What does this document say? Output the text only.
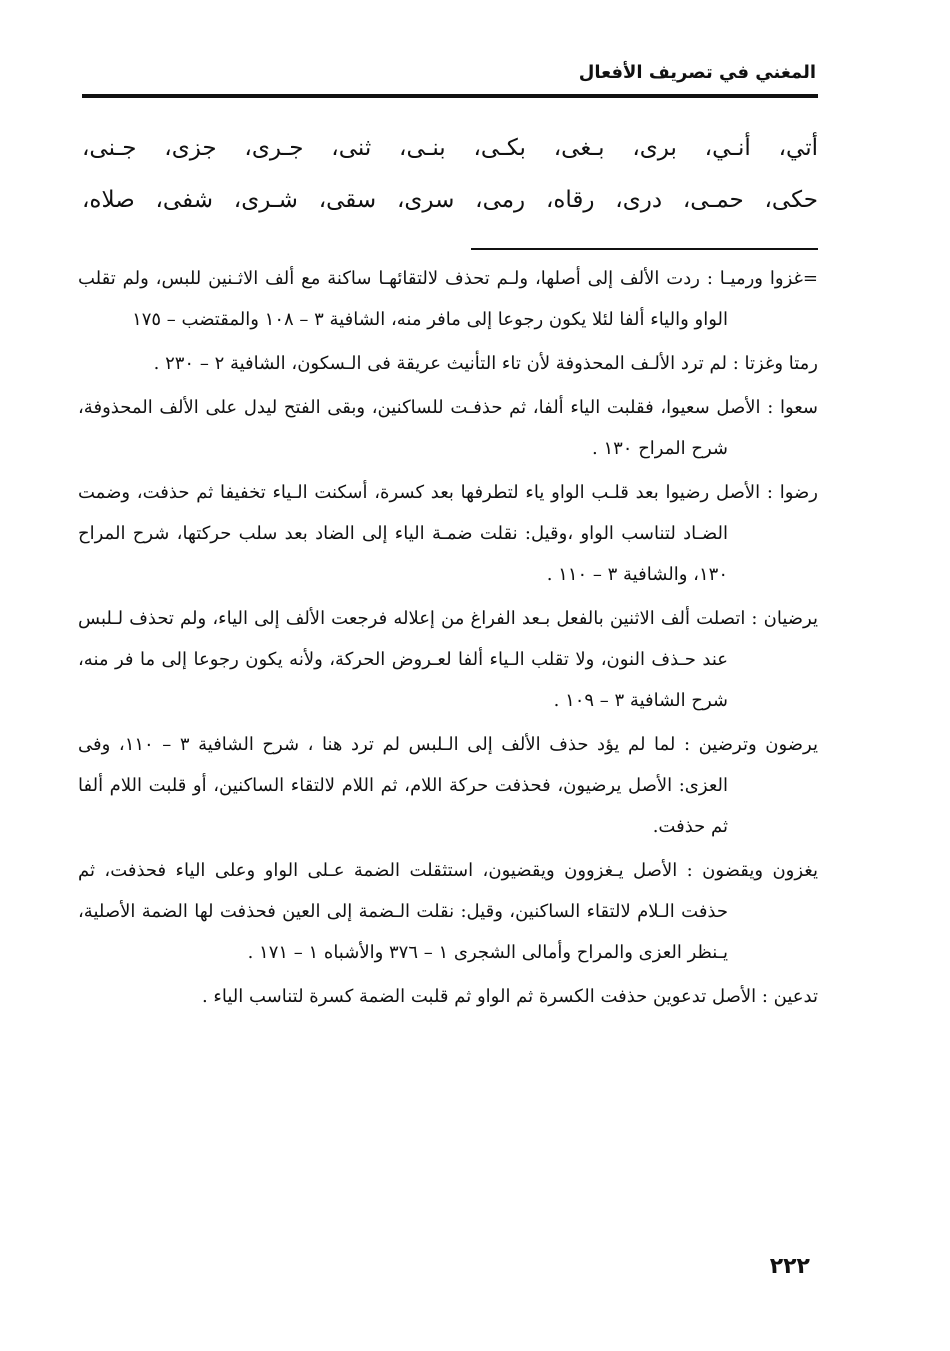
المغني في تصريف الأفعال
أتي، أنـي، برى، بـغى، بكـى، بنـى، ثنى، جـرى، جزى، جـنى،
حكى، حمـى، درى، رقاه، رمى، سرى، سقى، شـرى، شفى، صلاه،
=غزوا ورميـا : ردت الألف إلى أصلها، ولـم تحذف لالتقائهـا ساكنة مع ألف الاثـنين للبس، ولم تقلب الواو والياء ألفا لئلا يكون رجوعا إلى مافر منه، الشافية ٣ – ١٠٨ والمقتضب – ١٧٥
رمتا وغزتا : لم ترد الألـف المحذوفة لأن تاء التأنيث عريقة فى الـسكون، الشافية ٢ – ٢٣٠ .
سعوا : الأصل سعيوا، فقلبت الياء ألفا، ثم حذفـت للساكنين، وبقى الفتح ليدل على الألف المحذوفة، شرح المراح ١٣٠ .
رضوا : الأصل رضيوا بعد قلـب الواو ياء لتطرفها بعد كسرة، أسكنت الـياء تخفيفا ثم حذفت، وضمت الضـاد لتناسب الواو ،وقيل: نقلت ضمـة الياء إلى الضاد بعد سلب حركتها، شرح المراح ١٣٠، والشافية ٣ – ١١٠ .
يرضيان : اتصلت ألف الاثنين بالفعل بـعد الفراغ من إعلاله فرجعت الألف إلى الياء، ولم تحذف لـلبس عند حـذف النون، ولا تقلب الـياء ألفا لعـروض الحركة، ولأنه يكون رجوعا إلى ما فر منه، شرح الشافية ٣ – ١٠٩ .
يرضون وترضين : لما لم يؤد حذف الألف إلى الـلبس لم ترد هنا ، شرح الشافية ٣ – ١١٠، وفى العزى: الأصل يرضيون، فحذفت حركة اللام، ثم اللام لالتقاء الساكنين، أو قلبت اللام ألفا ثم حذفت.
يغزون ويقضون : الأصل يـغزوون ويقضيون، استثقلت الضمة عـلى الواو وعلى الياء فحذفت، ثم حذفت الـلام لالتقاء الساكنين، وقيل: نقلت الـضمة إلى العين فحذفت لها الضمة الأصلية، يـنظر العزى والمراح وأمالى الشجرى ١ – ٣٧٦ والأشباه ١ – ١٧١ .
تدعين : الأصل تدعوين حذفت الكسرة ثم الواو ثم قلبت الضمة كسرة لتناسب الياء .
٢٢٢
